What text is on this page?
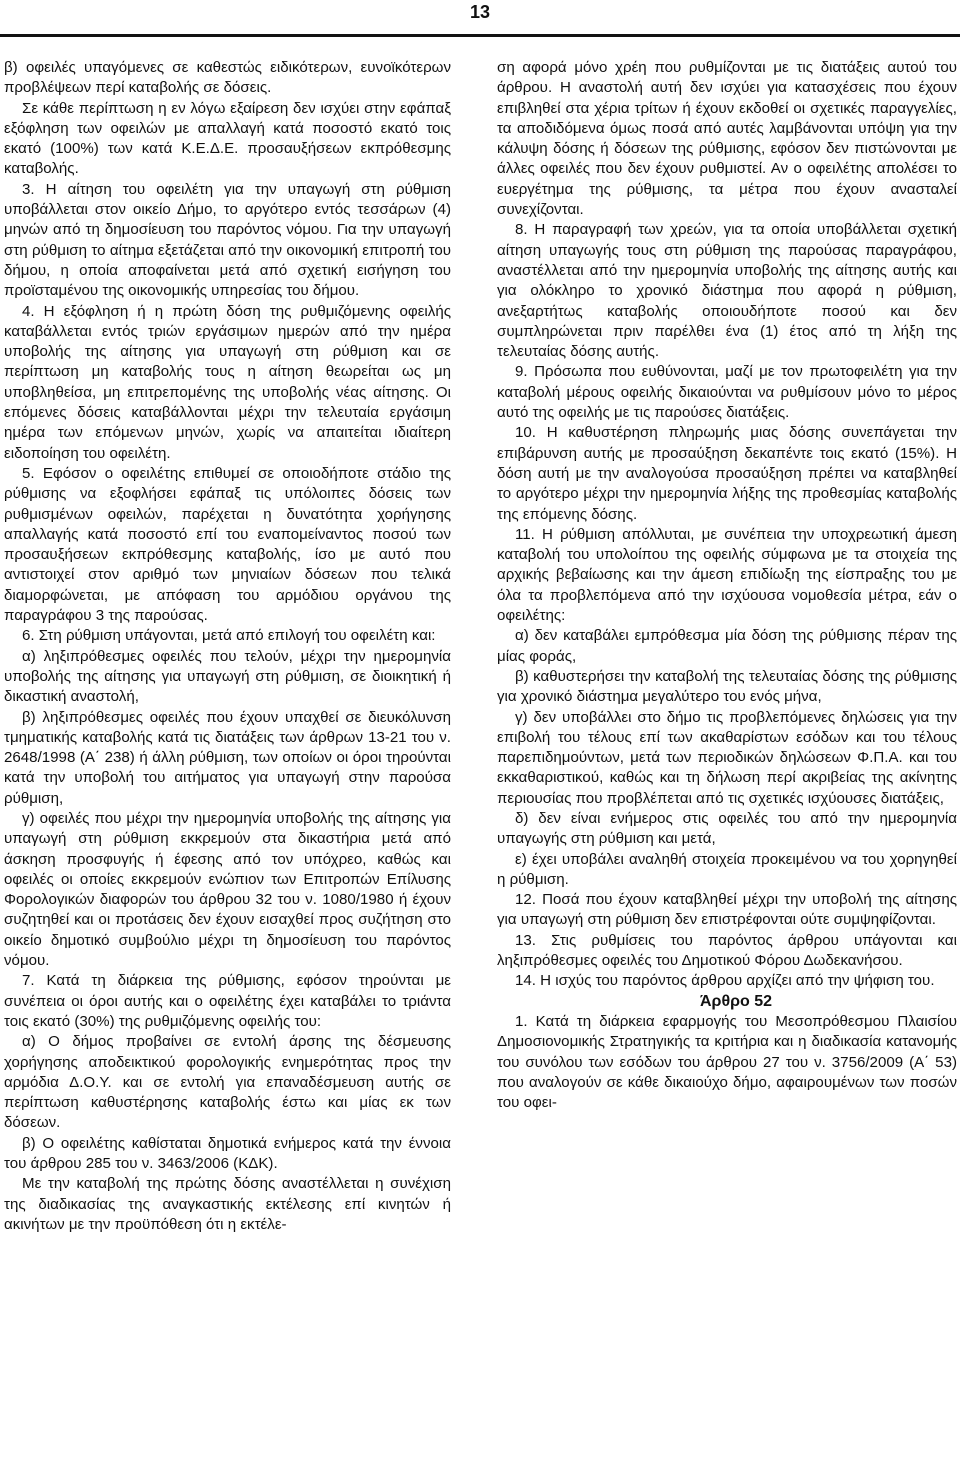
13

β) οφειλές υπαγόμενες σε καθεστώς ειδικότερων, ευνοϊκότερων προβλέψεων περί καταβολής σε δόσεις.

Σε κάθε περίπτωση η εν λόγω εξαίρεση δεν ισχύει στην εφάπαξ εξόφληση των οφειλών με απαλλαγή κατά ποσοστό εκατό τοις εκατό (100%) των κατά Κ.Ε.Δ.Ε. προσαυξήσεων εκπρόθεσμης καταβολής.

3. Η αίτηση του οφειλέτη για την υπαγωγή στη ρύθμιση υποβάλλεται στον οικείο Δήμο, το αργότερο εντός τεσσάρων (4) μηνών από τη δημοσίευση του παρόντος νόμου. Για την υπαγωγή στη ρύθμιση το αίτημα εξετάζεται από την οικονομική επιτροπή του δήμου, η οποία αποφαίνεται μετά από σχετική εισήγηση του προϊσταμένου της οικονομικής υπηρεσίας του δήμου.

4. Η εξόφληση ή η πρώτη δόση της ρυθμιζόμενης οφειλής καταβάλλεται εντός τριών εργάσιμων ημερών από την ημέρα υποβολής της αίτησης για υπαγωγή στη ρύθμιση και σε περίπτωση μη καταβολής τους η αίτηση θεωρείται ως μη υποβληθείσα, μη επιτρεπομένης της υποβολής νέας αίτησης. Οι επόμενες δόσεις καταβάλλονται μέχρι την τελευταία εργάσιμη ημέρα των επόμενων μηνών, χωρίς να απαιτείται ιδιαίτερη ειδοποίηση του οφειλέτη.

5. Εφόσον ο οφειλέτης επιθυμεί σε οποιοδήποτε στάδιο της ρύθμισης να εξοφλήσει εφάπαξ τις υπόλοιπες δόσεις των ρυθμισμένων οφειλών, παρέχεται η δυνατότητα χορήγησης απαλλαγής κατά ποσοστό επί του εναπομείναντος ποσού των προσαυξήσεων εκπρόθεσμης καταβολής, ίσο με αυτό που αντιστοιχεί στον αριθμό των μηνιαίων δόσεων που τελικά διαμορφώνεται, με απόφαση του αρμόδιου οργάνου της παραγράφου 3 της παρούσας.

6. Στη ρύθμιση υπάγονται, μετά από επιλογή του οφειλέτη και:

α) ληξιπρόθεσμες οφειλές που τελούν, μέχρι την ημερομηνία υποβολής της αίτησης για υπαγωγή στη ρύθμιση, σε διοικητική ή δικαστική αναστολή,

β) ληξιπρόθεσμες οφειλές που έχουν υπαχθεί σε διευκόλυνση τμηματικής καταβολής κατά τις διατάξεις των άρθρων 13-21 του ν. 2648/1998 (Α΄ 238) ή άλλη ρύθμιση, των οποίων οι όροι τηρούνται κατά την υποβολή του αιτήματος για υπαγωγή στην παρούσα ρύθμιση,

γ) οφειλές που μέχρι την ημερομηνία υποβολής της αίτησης για υπαγωγή στη ρύθμιση εκκρεμούν στα δικαστήρια μετά από άσκηση προσφυγής ή έφεσης από τον υπόχρεο, καθώς και οφειλές οι οποίες εκκρεμούν ενώπιον των Επιτροπών Επίλυσης Φορολογικών διαφορών του άρθρου 32 του ν. 1080/1980 ή έχουν συζητηθεί και οι προτάσεις δεν έχουν εισαχθεί προς συζήτηση στο οικείο δημοτικό συμβούλιο μέχρι τη δημοσίευση του παρόντος νόμου.

7. Κατά τη διάρκεια της ρύθμισης, εφόσον τηρούνται με συνέπεια οι όροι αυτής και ο οφειλέτης έχει καταβάλει το τριάντα τοις εκατό (30%) της ρυθμιζόμενης οφειλής του:

α) Ο δήμος προβαίνει σε εντολή άρσης της δέσμευσης χορήγησης αποδεικτικού φορολογικής ενημερότητας προς την αρμόδια Δ.Ο.Υ. και σε εντολή για επαναδέσμευση αυτής σε περίπτωση καθυστέρησης καταβολής έστω και μίας εκ των δόσεων.

β) Ο οφειλέτης καθίσταται δημοτικά ενήμερος κατά την έννοια του άρθρου 285 του ν. 3463/2006 (ΚΔΚ).

Με την καταβολή της πρώτης δόσης αναστέλλεται η συνέχιση της διαδικασίας της αναγκαστικής εκτέλεσης επί κινητών ή ακινήτων με την προϋπόθεση ότι η εκτέλε-

ση αφορά μόνο χρέη που ρυθμίζονται με τις διατάξεις αυτού του άρθρου. Η αναστολή αυτή δεν ισχύει για κατασχέσεις που έχουν επιβληθεί στα χέρια τρίτων ή έχουν εκδοθεί οι σχετικές παραγγελίες, τα αποδιδόμενα όμως ποσά από αυτές λαμβάνονται υπόψη για την κάλυψη δόσης ή δόσεων της ρύθμισης, εφόσον δεν πιστώνονται με άλλες οφειλές που δεν έχουν ρυθμιστεί. Αν ο οφειλέτης απολέσει το ευεργέτημα της ρύθμισης, τα μέτρα που έχουν ανασταλεί συνεχίζονται.

8. Η παραγραφή των χρεών, για τα οποία υποβάλλεται σχετική αίτηση υπαγωγής τους στη ρύθμιση της παρούσας παραγράφου, αναστέλλεται από την ημερομηνία υποβολής της αίτησης αυτής και για ολόκληρο το χρονικό διάστημα που αφορά η ρύθμιση, ανεξαρτήτως καταβολής οποιουδήποτε ποσού και δεν συμπληρώνεται πριν παρέλθει ένα (1) έτος από τη λήξη της τελευταίας δόσης αυτής.

9. Πρόσωπα που ευθύνονται, μαζί με τον πρωτοφειλέτη για την καταβολή μέρους οφειλής δικαιούνται να ρυθμίσουν μόνο το μέρος αυτό της οφειλής με τις παρούσες διατάξεις.

10. Η καθυστέρηση πληρωμής μιας δόσης συνεπάγεται την επιβάρυνση αυτής με προσαύξηση δεκαπέντε τοις εκατό (15%). Η δόση αυτή με την αναλογούσα προσαύξηση πρέπει να καταβληθεί το αργότερο μέχρι την ημερομηνία λήξης της προθεσμίας καταβολής της επόμενης δόσης.

11. Η ρύθμιση απόλλυται, με συνέπεια την υποχρεωτική άμεση καταβολή του υπολοίπου της οφειλής σύμφωνα με τα στοιχεία της αρχικής βεβαίωσης και την άμεση επιδίωξη της είσπραξης του με όλα τα προβλεπόμενα από την ισχύουσα νομοθεσία μέτρα, εάν ο οφειλέτης:

α) δεν καταβάλει εμπρόθεσμα μία δόση της ρύθμισης πέραν της μίας φοράς,

β) καθυστερήσει την καταβολή της τελευταίας δόσης της ρύθμισης για χρονικό διάστημα μεγαλύτερο του ενός μήνα,

γ) δεν υποβάλλει στο δήμο τις προβλεπόμενες δηλώσεις για την επιβολή του τέλους επί των ακαθαρίστων εσόδων και του τέλους παρεπιδημούντων, μετά των περιοδικών δηλώσεων Φ.Π.Α. και του εκκαθαριστικού, καθώς και τη δήλωση περί ακριβείας της ακίνητης περιουσίας που προβλέπεται από τις σχετικές ισχύουσες διατάξεις,

δ) δεν είναι ενήμερος στις οφειλές του από την ημερομηνία υπαγωγής στη ρύθμιση και μετά,

ε) έχει υποβάλει αναληθή στοιχεία προκειμένου να του χορηγηθεί η ρύθμιση.

12. Ποσά που έχουν καταβληθεί μέχρι την υποβολή της αίτησης για υπαγωγή στη ρύθμιση δεν επιστρέφονται ούτε συμψηφίζονται.

13. Στις ρυθμίσεις του παρόντος άρθρου υπάγονται και ληξιπρόθεσμες οφειλές του Δημοτικού Φόρου Δωδεκανήσου.

14. Η ισχύς του παρόντος άρθρου αρχίζει από την ψήφιση του.

Άρθρο 52

1. Κατά τη διάρκεια εφαρμογής του Μεσοπρόθεσμου Πλαισίου Δημοσιονομικής Στρατηγικής τα κριτήρια και η διαδικασία κατανομής του συνόλου των εσόδων του άρθρου 27 του ν. 3756/2009 (Α΄ 53) που αναλογούν σε κάθε δικαιούχο δήμο, αφαιρουμένων των ποσών του οφει-
